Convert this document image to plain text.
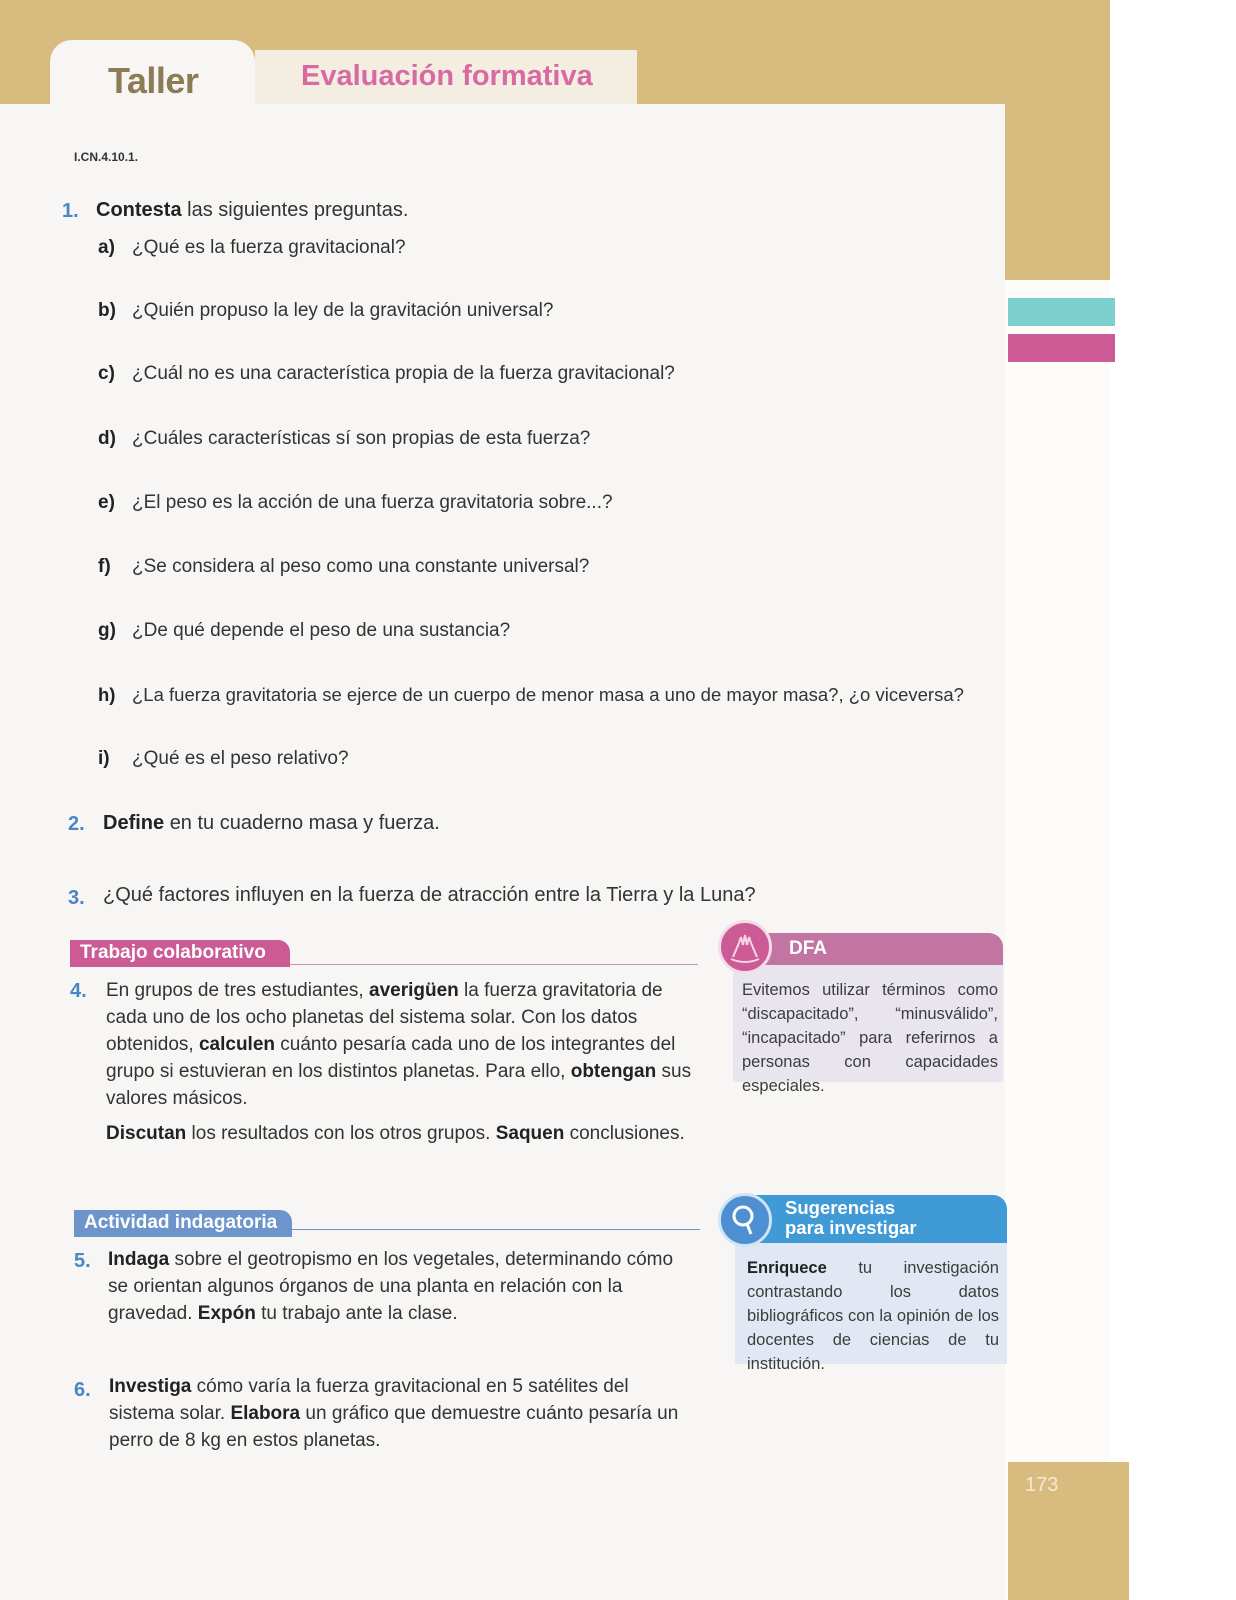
Taller	Evaluación formativa
I.CN.4.10.1.
1. Contesta las siguientes preguntas.
a) ¿Qué es la fuerza gravitacional?
b) ¿Quién propuso la ley de la gravitación universal?
c) ¿Cuál no es una característica propia de la fuerza gravitacional?
d) ¿Cuáles características sí son propias de esta fuerza?
e) ¿El peso es la acción de una fuerza gravitatoria sobre...?
f) ¿Se considera al peso como una constante universal?
g) ¿De qué depende el peso de una sustancia?
h) ¿La fuerza gravitatoria se ejerce de un cuerpo de menor masa a uno de mayor masa?, ¿o viceversa?
i) ¿Qué es el peso relativo?
2. Define en tu cuaderno masa y fuerza.
3. ¿Qué factores influyen en la fuerza de atracción entre la Tierra y la Luna?
Trabajo colaborativo
4. En grupos de tres estudiantes, averigüen la fuerza gravitatoria de cada uno de los ocho planetas del sistema solar. Con los datos obtenidos, calculen cuánto pesaría cada uno de los integrantes del grupo si estuvieran en los distintos planetas. Para ello, obtengan sus valores másicos.
Discutan los resultados con los otros grupos. Saquen conclusiones.
DFA
Evitemos utilizar términos como “discapacitado”, “minusválido”, “incapacitado” para referirnos a personas con capacidades especiales.
Actividad indagatoria
5. Indaga sobre el geotropismo en los vegetales, determinando cómo se orientan algunos órganos de una planta en relación con la gravedad. Expón tu trabajo ante la clase.
Sugerencias
para investigar
Enriquece tu investigación contrastando los datos bibliográficos con la opinión de los docentes de ciencias de tu institución.
6. Investiga cómo varía la fuerza gravitacional en 5 satélites del sistema solar. Elabora un gráfico que demuestre cuánto pesaría un perro de 8 kg en estos planetas.
173
